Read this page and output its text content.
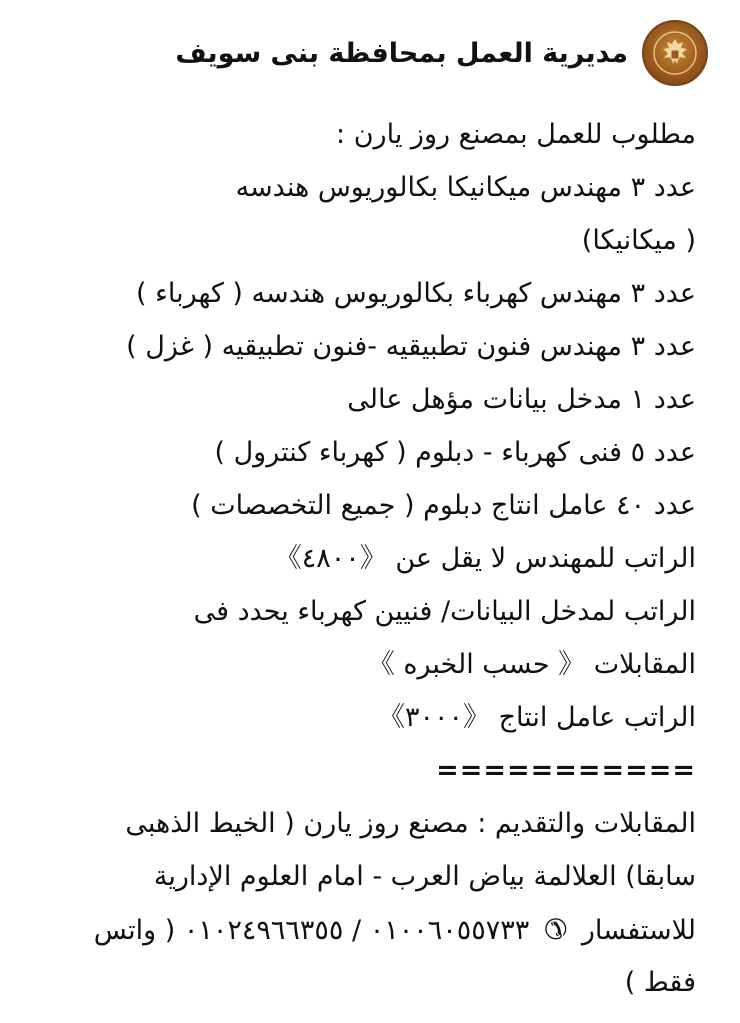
مديرية العمل بمحافظة بنى سويف
مطلوب للعمل بمصنع روز يارن :
عدد ٣ مهندس ميكانيكا بكالوريوس هندسه
( ميكانيكا)
عدد ٣ مهندس كهرباء بكالوريوس هندسه ( كهرباء )
عدد ٣ مهندس فنون تطبيقيه -فنون تطبيقيه ( غزل )
عدد ١ مدخل بيانات مؤهل عالى
عدد ٥ فنى كهرباء - دبلوم ( كهرباء كنترول )
عدد ٤٠ عامل انتاج دبلوم ( جميع التخصصات )
الراتب للمهندس لا يقل عن 《٤٨٠٠》
الراتب لمدخل البيانات/ فنيين كهرباء يحدد فى
المقابلات 《 حسب الخبره 》
الراتب عامل انتاج 《٣٠٠٠》
===========
المقابلات والتقديم : مصنع روز يارن ( الخيط الذهبى
سابقا) العلالمة بياض العرب - امام العلوم الإدارية
للاستفسار ✆ ٠١٠٠٦٠٥٥٧٣٣ / ٠١٠٢٤٩٦٦٣٥٥ ( واتس
فقط )
